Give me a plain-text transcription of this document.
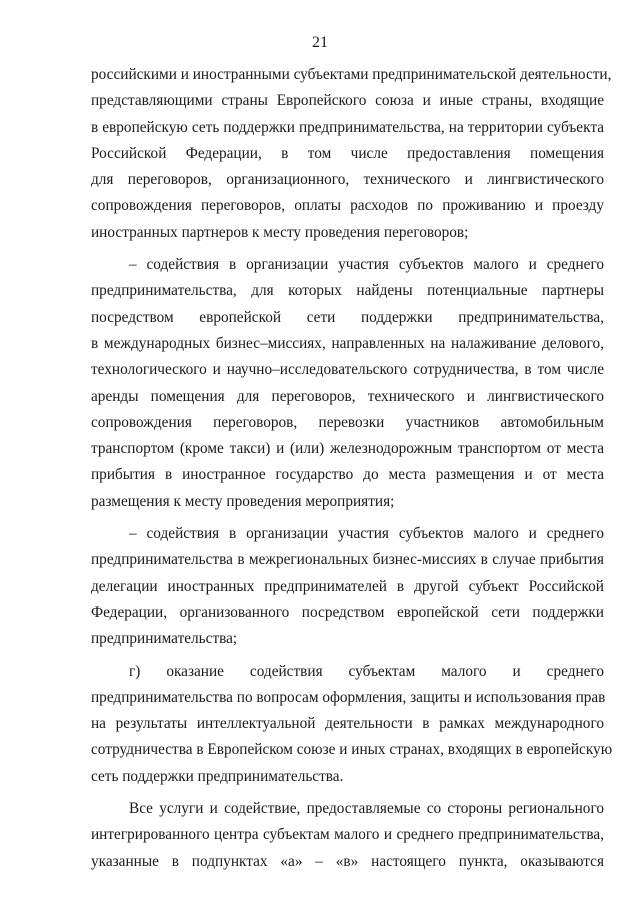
21
российскими и иностранными субъектами предпринимательской деятельности,
представляющими страны Европейского союза и иные страны, входящие
в европейскую сеть поддержки предпринимательства, на территории субъекта
Российской Федерации, в том числе предоставления помещения
для переговоров, организационного, технического и лингвистического
сопровождения переговоров, оплаты расходов по проживанию и проезду
иностранных партнеров к месту проведения переговоров;
– содействия в организации участия субъектов малого и среднего
предпринимательства, для которых найдены потенциальные партнеры
посредством европейской сети поддержки предпринимательства,
в международных бизнес–миссиях, направленных на налаживание делового,
технологического и научно–исследовательского сотрудничества, в том числе
аренды помещения для переговоров, технического и лингвистического
сопровождения переговоров, перевозки участников автомобильным
транспортом (кроме такси) и (или) железнодорожным транспортом от места
прибытия в иностранное государство до места размещения и от места
размещения к месту проведения мероприятия;
– содействия в организации участия субъектов малого и среднего
предпринимательства в межрегиональных бизнес-миссиях в случае прибытия
делегации иностранных предпринимателей в другой субъект Российской
Федерации, организованного посредством европейской сети поддержки
предпринимательства;
г) оказание содействия субъектам малого и среднего
предпринимательства по вопросам оформления, защиты и использования прав
на результаты интеллектуальной деятельности в рамках международного
сотрудничества в Европейском союзе и иных странах, входящих в европейскую
сеть поддержки предпринимательства.
Все услуги и содействие, предоставляемые со стороны регионального
интегрированного центра субъектам малого и среднего предпринимательства,
указанные в подпунктах «а» – «в» настоящего пункта, оказываются
